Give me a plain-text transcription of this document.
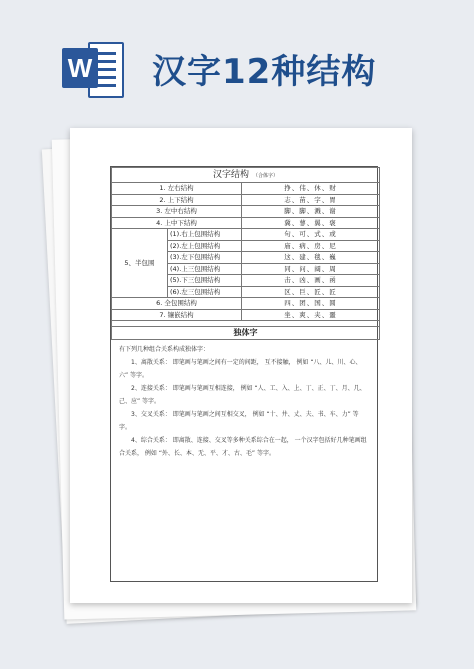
W 汉字12种结构
汉字结构 （合体字）		
1. 左右结构		挣、伟、休、财
2. 上下结构		志、苗、字、胃
3. 左中右结构		脚、脚、溅、谢
4. 上中下结构		冀、蓼、翼、褒
5、半包围	(1).右上包围结构	句、可、式、或
	(2).左上包围结构	庙、病、房、尼
	(3).左下包围结构	这、建、毯、巍
	(4).上三包围结构	同、问、阔、周
	(5).下三包围结构	击、凶、画、函
	(6).左三包围结构	区、巨、匠、匠
6. 全包围结构		四、团、国、圆
7. 镶嵌结构		坐、爽、夹、噩

独体字		

有下列几种组合关系构成独体字：

1、离散关系： 即笔画与笔画之间有一定的间距， 互不接触， 例如 “八、儿、川、心、六” 等字。

2、连接关系： 即笔画与笔画互相连接， 例如 “人、工、入、上、丁、正、丁、月、几、己、应” 等字。

3、交叉关系： 即笔画与笔画之间互相交叉， 例如 “十、井、丈、夫、书、车、力” 等字。

4、综合关系： 即离散、连接、交叉等多种关系综合在一起， 一个汉字包括好几种笔画组合关系， 例如 “外、长、本、无、平、才、古、毛” 等字。
